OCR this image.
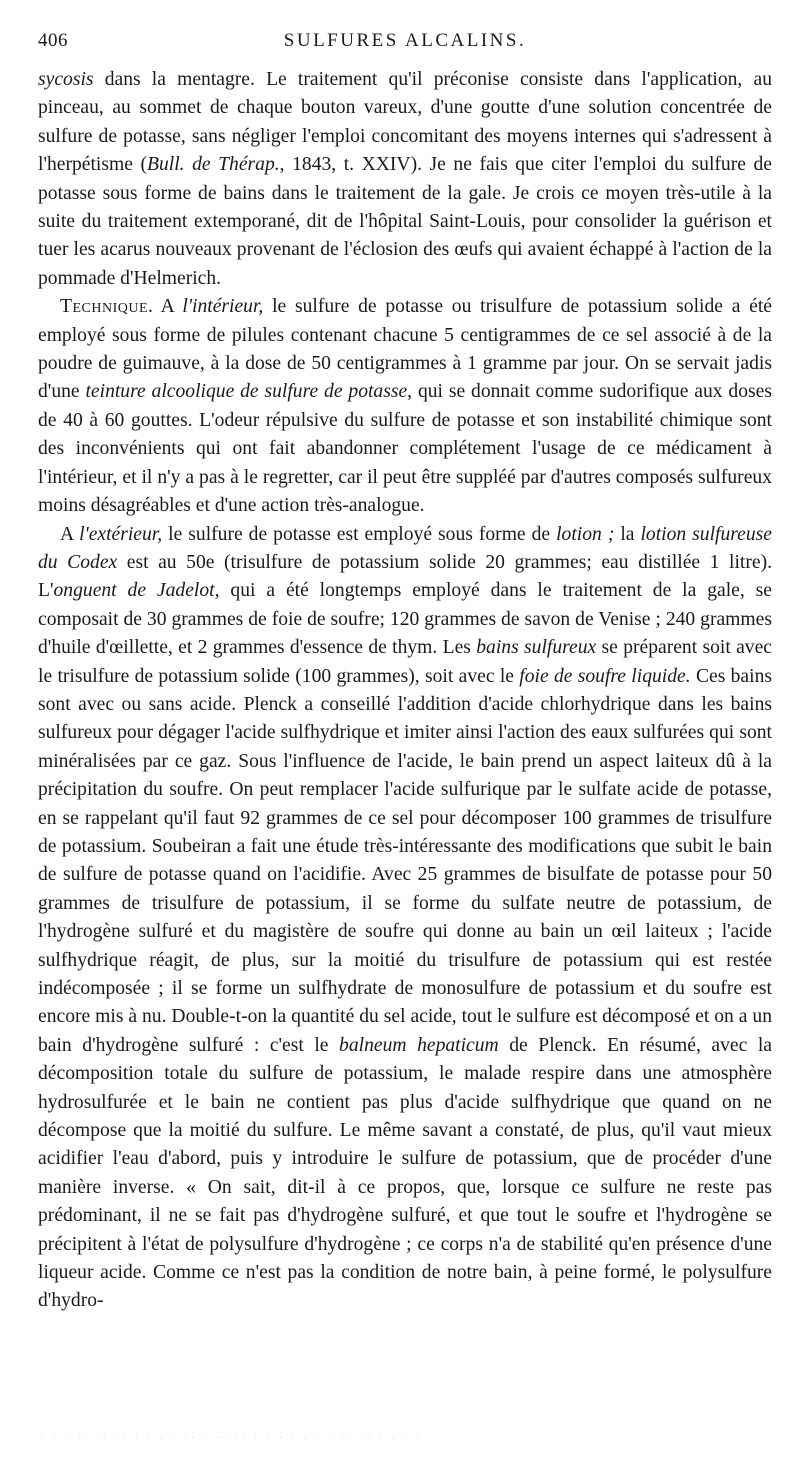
406	SULFURES ALCALINS.

sycosis dans la mentagre. Le traitement qu'il préconise consiste dans l'application, au pinceau, au sommet de chaque bouton vareux, d'une goutte d'une solution concentrée de sulfure de potasse, sans négliger l'emploi concomitant des moyens internes qui s'adressent à l'herpétisme (Bull. de Thérap., 1843, t. XXIV). Je ne fais que citer l'emploi du sulfure de potasse sous forme de bains dans le traitement de la gale. Je crois ce moyen très-utile à la suite du traitement extemporané, dit de l'hôpital Saint-Louis, pour consolider la guérison et tuer les acarus nouveaux provenant de l'éclosion des œufs qui avaient échappé à l'action de la pommade d'Helmerich.

Technique. A l'intérieur, le sulfure de potasse ou trisulfure de potassium solide a été employé sous forme de pilules contenant chacune 5 centigrammes de ce sel associé à de la poudre de guimauve, à la dose de 50 centigrammes à 1 gramme par jour. On se servait jadis d'une teinture alcoolique de sulfure de potasse, qui se donnait comme sudorifique aux doses de 40 à 60 gouttes. L'odeur répulsive du sulfure de potasse et son instabilité chimique sont des inconvénients qui ont fait abandonner complétement l'usage de ce médicament à l'intérieur, et il n'y a pas à le regretter, car il peut être suppléé par d'autres composés sulfureux moins désagréables et d'une action très-analogue.

A l'extérieur, le sulfure de potasse est employé sous forme de lotion ; la lotion sulfureuse du Codex est au 50e (trisulfure de potassium solide 20 grammes; eau distillée 1 litre). L'onguent de Jadelot, qui a été longtemps employé dans le traitement de la gale, se composait de 30 grammes de foie de soufre; 120 grammes de savon de Venise ; 240 grammes d'huile d'œillette, et 2 grammes d'essence de thym. Les bains sulfureux se préparent soit avec le trisulfure de potassium solide (100 grammes), soit avec le foie de soufre liquide. Ces bains sont avec ou sans acide. Plenck a conseillé l'addition d'acide chlorhydrique dans les bains sulfureux pour dégager l'acide sulfhydrique et imiter ainsi l'action des eaux sulfurées qui sont minéralisées par ce gaz. Sous l'influence de l'acide, le bain prend un aspect laiteux dû à la précipitation du soufre. On peut remplacer l'acide sulfurique par le sulfate acide de potasse, en se rappelant qu'il faut 92 grammes de ce sel pour décomposer 100 grammes de trisulfure de potassium. Soubeiran a fait une étude très-intéressante des modifications que subit le bain de sulfure de potasse quand on l'acidifie. Avec 25 grammes de bisulfate de potasse pour 50 grammes de trisulfure de potassium, il se forme du sulfate neutre de potassium, de l'hydrogène sulfuré et du magistère de soufre qui donne au bain un œil laiteux ; l'acide sulfhydrique réagit, de plus, sur la moitié du trisulfure de potassium qui est restée indécomposée ; il se forme un sulfhydrate de monosulfure de potassium et du soufre est encore mis à nu. Double-t-on la quantité du sel acide, tout le sulfure est décomposé et on a un bain d'hydrogène sulfuré : c'est le balneum hepaticum de Plenck. En résumé, avec la décomposition totale du sulfure de potassium, le malade respire dans une atmosphère hydrosulfurée et le bain ne contient pas plus d'acide sulfhydrique que quand on ne décompose que la moitié du sulfure. Le même savant a constaté, de plus, qu'il vaut mieux acidifier l'eau d'abord, puis y introduire le sulfure de potassium, que de procéder d'une manière inverse. « On sait, dit-il à ce propos, que, lorsque ce sulfure ne reste pas prédominant, il ne se fait pas d'hydrogène sulfuré, et que tout le soufre et l'hydrogène se précipitent à l'état de polysulfure d'hydrogène ; ce corps n'a de stabilité qu'en présence d'une liqueur acide. Comme ce n'est pas la condition de notre bain, à peine formé, le polysulfure d'hydro-

· · · ·· ·· ·· · · · · ·· · ·· ·· · · · · · · · ·· ·· · · · ·
